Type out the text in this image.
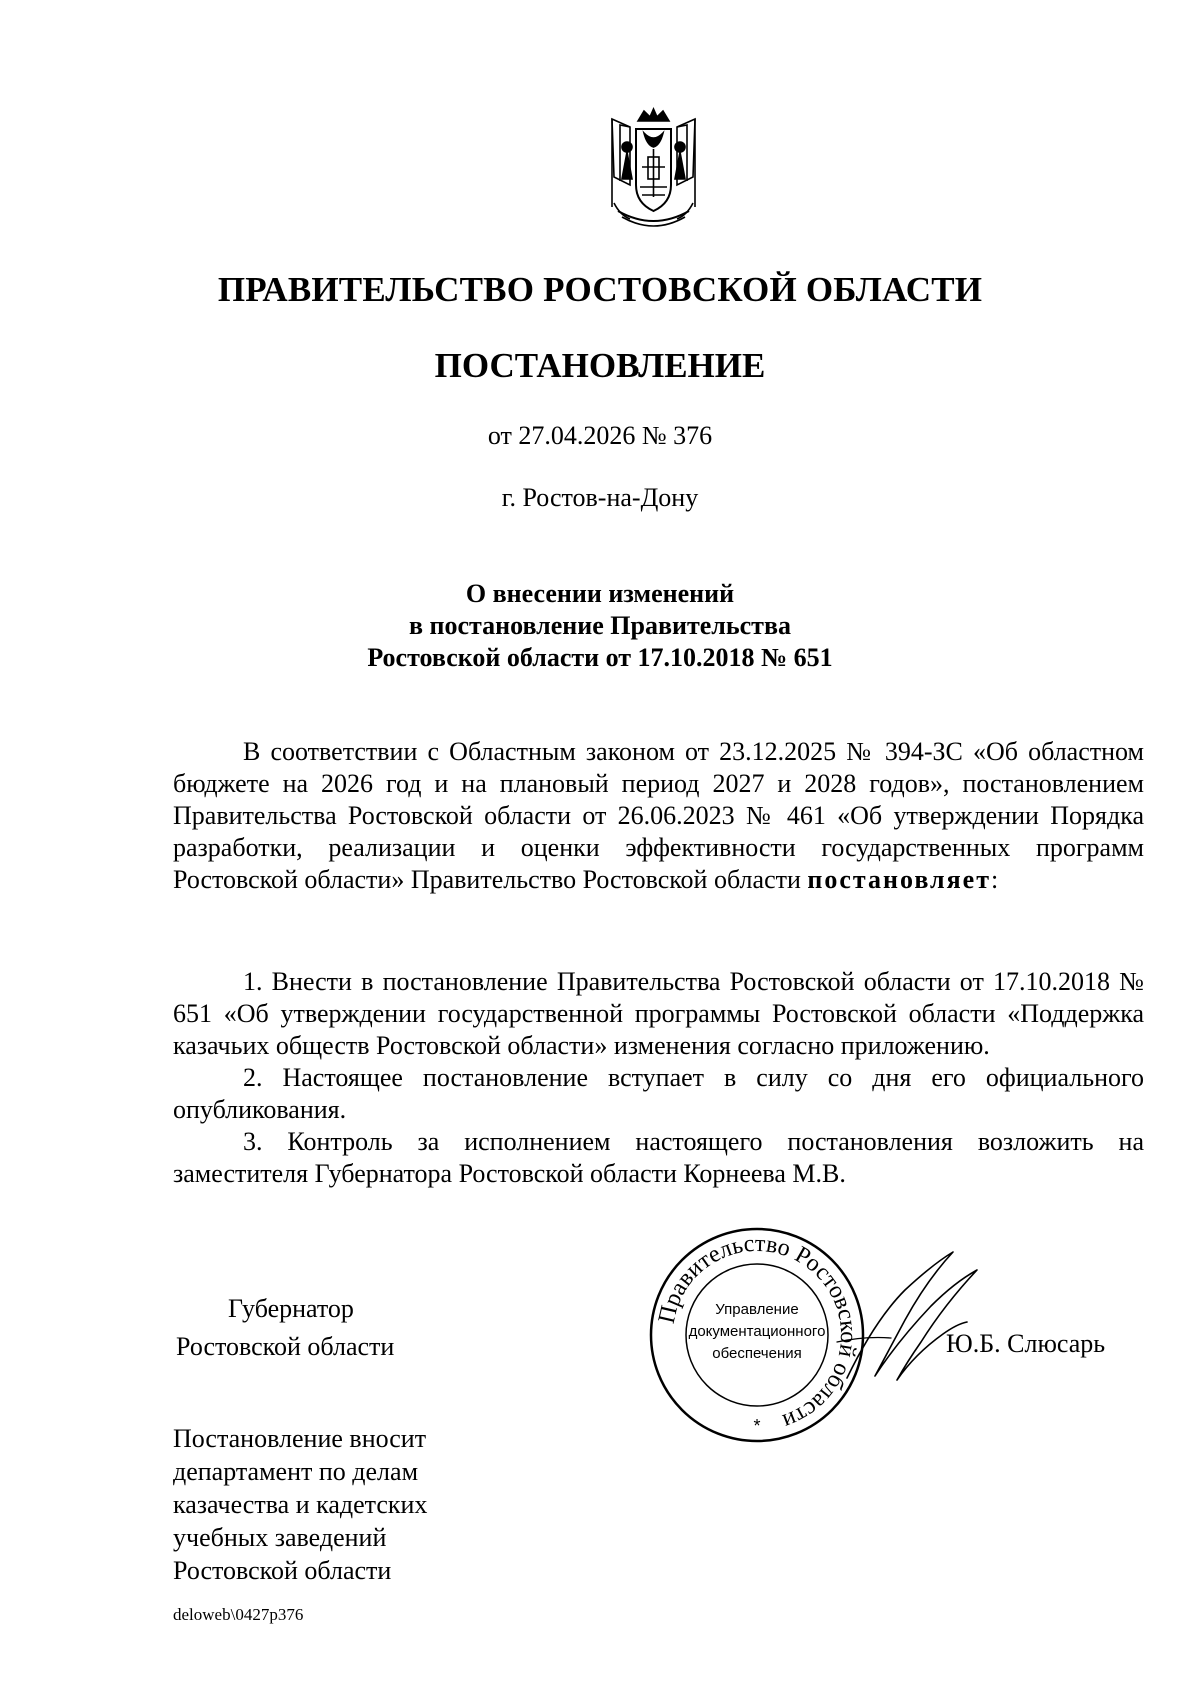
ПРАВИТЕЛЬСТВО РОСТОВСКОЙ ОБЛАСТИ
ПОСТАНОВЛЕНИЕ
от 27.04.2026 № 376
г. Ростов-на-Дону
О внесении изменений
в постановление Правительства
Ростовской области от 17.10.2018 № 651

В соответствии с Областным законом от 23.12.2025 № 394-ЗС «Об областном бюджете на 2026 год и на плановый период 2027 и 2028 годов», постановлением Правительства Ростовской области от 26.06.2023 № 461 «Об утверждении Порядка разработки, реализации и оценки эффективности государственных программ Ростовской области» Правительство Ростовской области постановляет:

1. Внести в постановление Правительства Ростовской области от 17.10.2018 № 651 «Об утверждении государственной программы Ростовской области «Поддержка казачьих обществ Ростовской области» изменения согласно приложению.

2. Настоящее постановление вступает в силу со дня его официального опубликования.

3. Контроль за исполнением настоящего постановления возложить на заместителя Губернатора Ростовской области Корнеева М.В.

Губернатор
Ростовской области
Правительство Ростовской области
Управление
документационного
обеспечения
*
Ю.Б. Слюсарь
Постановление вносит
департамент по делам
казачества и кадетских
учебных заведений
Ростовской области
deloweb\0427p376
